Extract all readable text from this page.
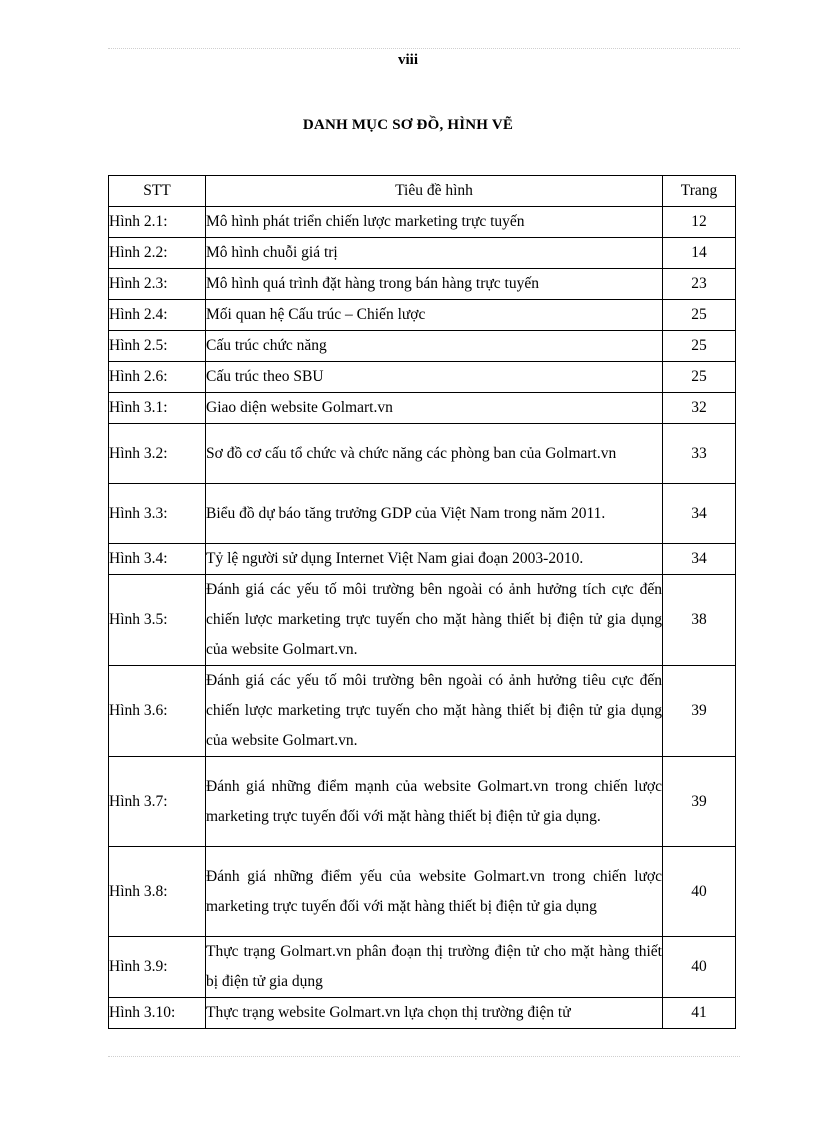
viii
DANH MỤC SƠ ĐỒ, HÌNH VẼ
STT	Tiêu đề hình	Trang
Hình 2.1:	Mô hình phát triển chiến lược marketing trực tuyến	12
Hình 2.2:	Mô hình chuỗi giá trị	14
Hình 2.3:	Mô hình quá trình đặt hàng trong bán hàng trực tuyến	23
Hình 2.4:	Mối quan hệ Cấu trúc – Chiến lược	25
Hình 2.5:	Cấu trúc chức năng	25
Hình 2.6:	Cấu trúc theo SBU	25
Hình 3.1:	Giao diện website Golmart.vn	32
Hình 3.2:	Sơ đồ cơ cấu tổ chức và chức năng các phòng ban của Golmart.vn	33
Hình 3.3:	Biểu đồ dự báo tăng trưởng GDP của Việt Nam trong năm 2011.	34
Hình 3.4:	Tỷ lệ người sử dụng Internet Việt Nam giai đoạn 2003-2010.	34
Hình 3.5:	Đánh giá các yếu tố môi trường bên ngoài có ảnh hưởng tích cực đến chiến lược marketing trực tuyến cho mặt hàng thiết bị điện tử gia dụng của website Golmart.vn.	38
Hình 3.6:	Đánh giá các yếu tố môi trường bên ngoài có ảnh hưởng tiêu cực đến chiến lược marketing trực tuyến cho mặt hàng thiết bị điện tử gia dụng của website Golmart.vn.	39
Hình 3.7:	Đánh giá những điểm mạnh của website Golmart.vn trong chiến lược marketing trực tuyến đối với mặt hàng thiết bị điện tử gia dụng.	39
Hình 3.8:	Đánh giá những điểm yếu của website Golmart.vn trong chiến lược marketing trực tuyến đối với mặt hàng thiết bị điện tử gia dụng	40
Hình 3.9:	Thực trạng Golmart.vn phân đoạn thị trường điện tử cho mặt hàng thiết bị điện tử gia dụng	40
Hình 3.10:	Thực trạng website Golmart.vn lựa chọn thị trường điện tử	41
